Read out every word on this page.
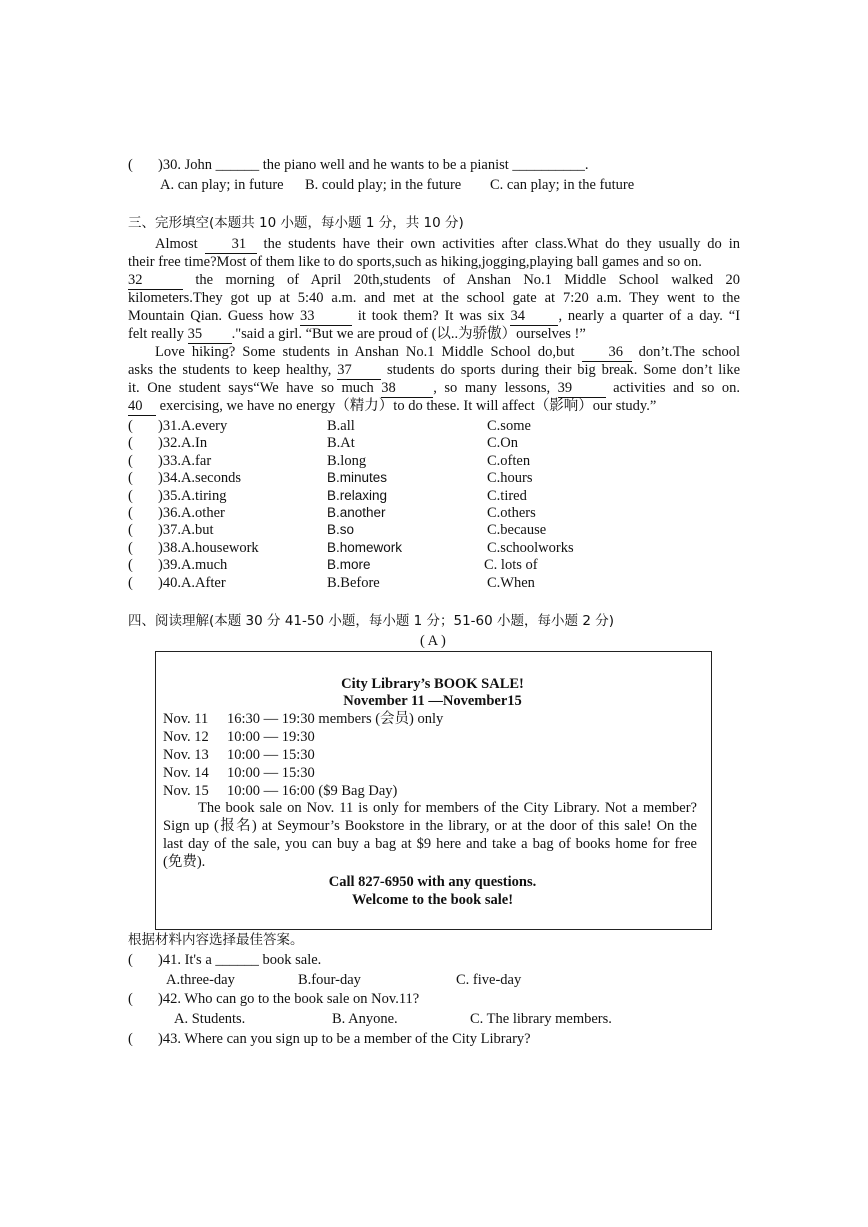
( )30. John ______ the piano well and he wants to be a pianist __________.
A. can play; in future B. could play; in the future C. can play; in the future
三、完形填空(本题共 10 小题，每小题 1 分，共 10 分)
Almost 31 the students have their own activities after class.What do they usually do in
their free time?Most of them like to do sports,such as hiking,jogging,playing ball games and so on.
32	the morning of April 20th,students of Anshan No.1 Middle School walked 20
kilometers.They got up at 5:40 a.m. and met at the school gate at 7:20 a.m. They went to the
Mountain Qian. Guess how 33	it took them? It was six 34 , nearly a quarter of a day. “I
felt really 35 ."said a girl. “But we are proud of (以..为骄傲）ourselves !”
Love hiking? Some students in Anshan No.1 Middle School do,but 36 don’t.The school
asks the students to keep healthy, 37 students do sports during their big break. Some don’t like
it. One student says“We have so much 38	, so many lessons, 39	activities and so on.
40 exercising, we have no energy（精力）to do these. It will affect（影响）our study.”
( )31.A.every	B.all	C.some
( )32.A.In	B.At	C.On
( )33.A.far	B.long	C.often
( )34.A.seconds	B.minutes	C.hours
( )35.A.tiring	B.relaxing	C.tired
( )36.A.other	B.another	C.others
( )37.A.but	B.so	C.because
( )38.A.housework	B.homework	C.schoolworks
( )39.A.much	B.more	C. lots of
( )40.A.After	B.Before	C.When
四、阅读理解(本题 30 分 41-50 小题，每小题 1 分；51-60 小题，每小题 2 分)
( A )
City Library’s BOOK SALE!
November 11 —November15
Nov. 11 16:30 — 19:30 members (会员) only
Nov. 12 10:00 — 19:30
Nov. 13 10:00 — 15:30
Nov. 14 10:00 — 15:30
Nov. 15 10:00 — 16:00 ($9 Bag Day)
The book sale on Nov. 11 is only for members of the City Library. Not a member?
Sign up (报名) at Seymour’s Bookstore in the library, or at the door of this sale! On the
last day of the sale, you can buy a bag at $9 here and take a bag of books home for free
(免费).
Call 827-6950 with any questions.
Welcome to the book sale!
根据材料内容选择最佳答案。
( )41. It's a ______ book sale.
A.three-day	B.four-day	C. five-day
( )42. Who can go to the book sale on Nov.11?
A. Students.	B. Anyone.	C. The library members.
( )43. Where can you sign up to be a member of the City Library?
